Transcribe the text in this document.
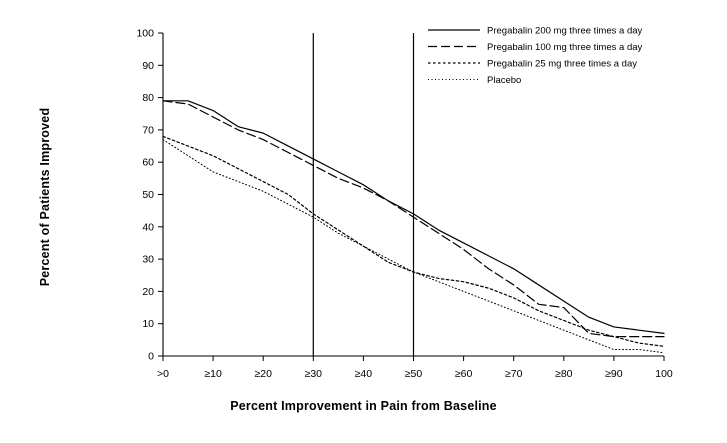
0
10
20
30
40
50
60
70
80
90
100
>0	≥10	≥20	≥30	≥40	≥50	≥60	≥70	≥80	≥90	100
Pregabalin 200 mg three times a day
Pregabalin 100 mg three times a day
Pregabalin 25 mg three times a day
Placebo
Percent Improvement in Pain from Baseline
Percent of Patients Improved
